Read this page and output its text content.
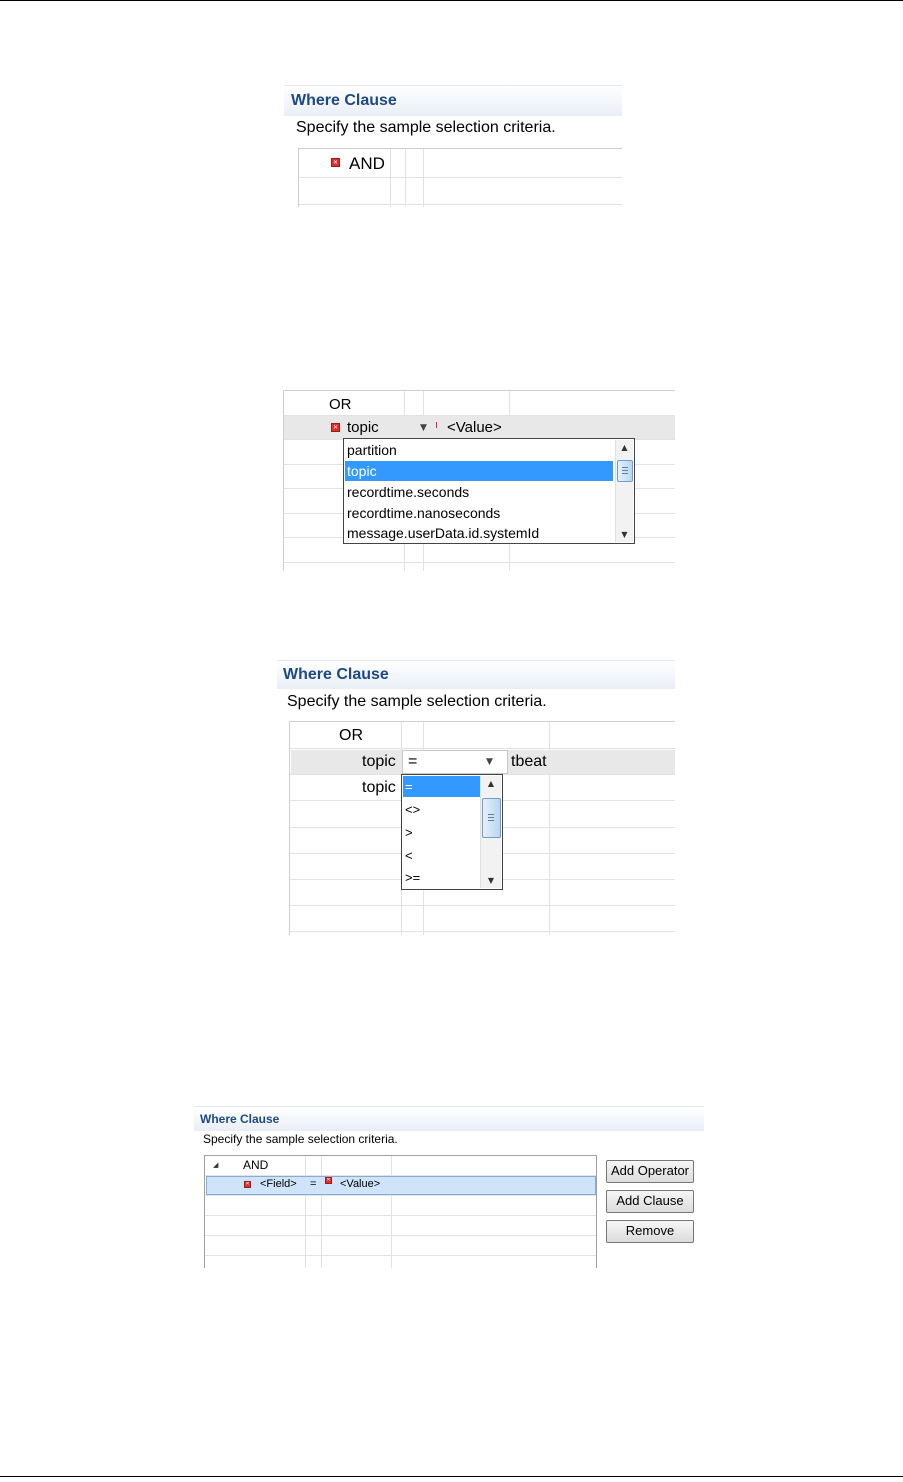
Where Clause
Specify the sample selection criteria.
✕ AND
OR
✕ topic	▼ <Value>
partition
topic
recordtime.seconds
recordtime.nanoseconds
message.userData.id.systemId
▲
▼
Where Clause
Specify the sample selection criteria.
OR
topic =	▼ tbeat
topic =
<>
>
<
>=
▲
▼
Where Clause
Specify the sample selection criteria.
◢ AND
✕ <Field> = ✕ <Value>
Add Operator
Add Clause
Remove
